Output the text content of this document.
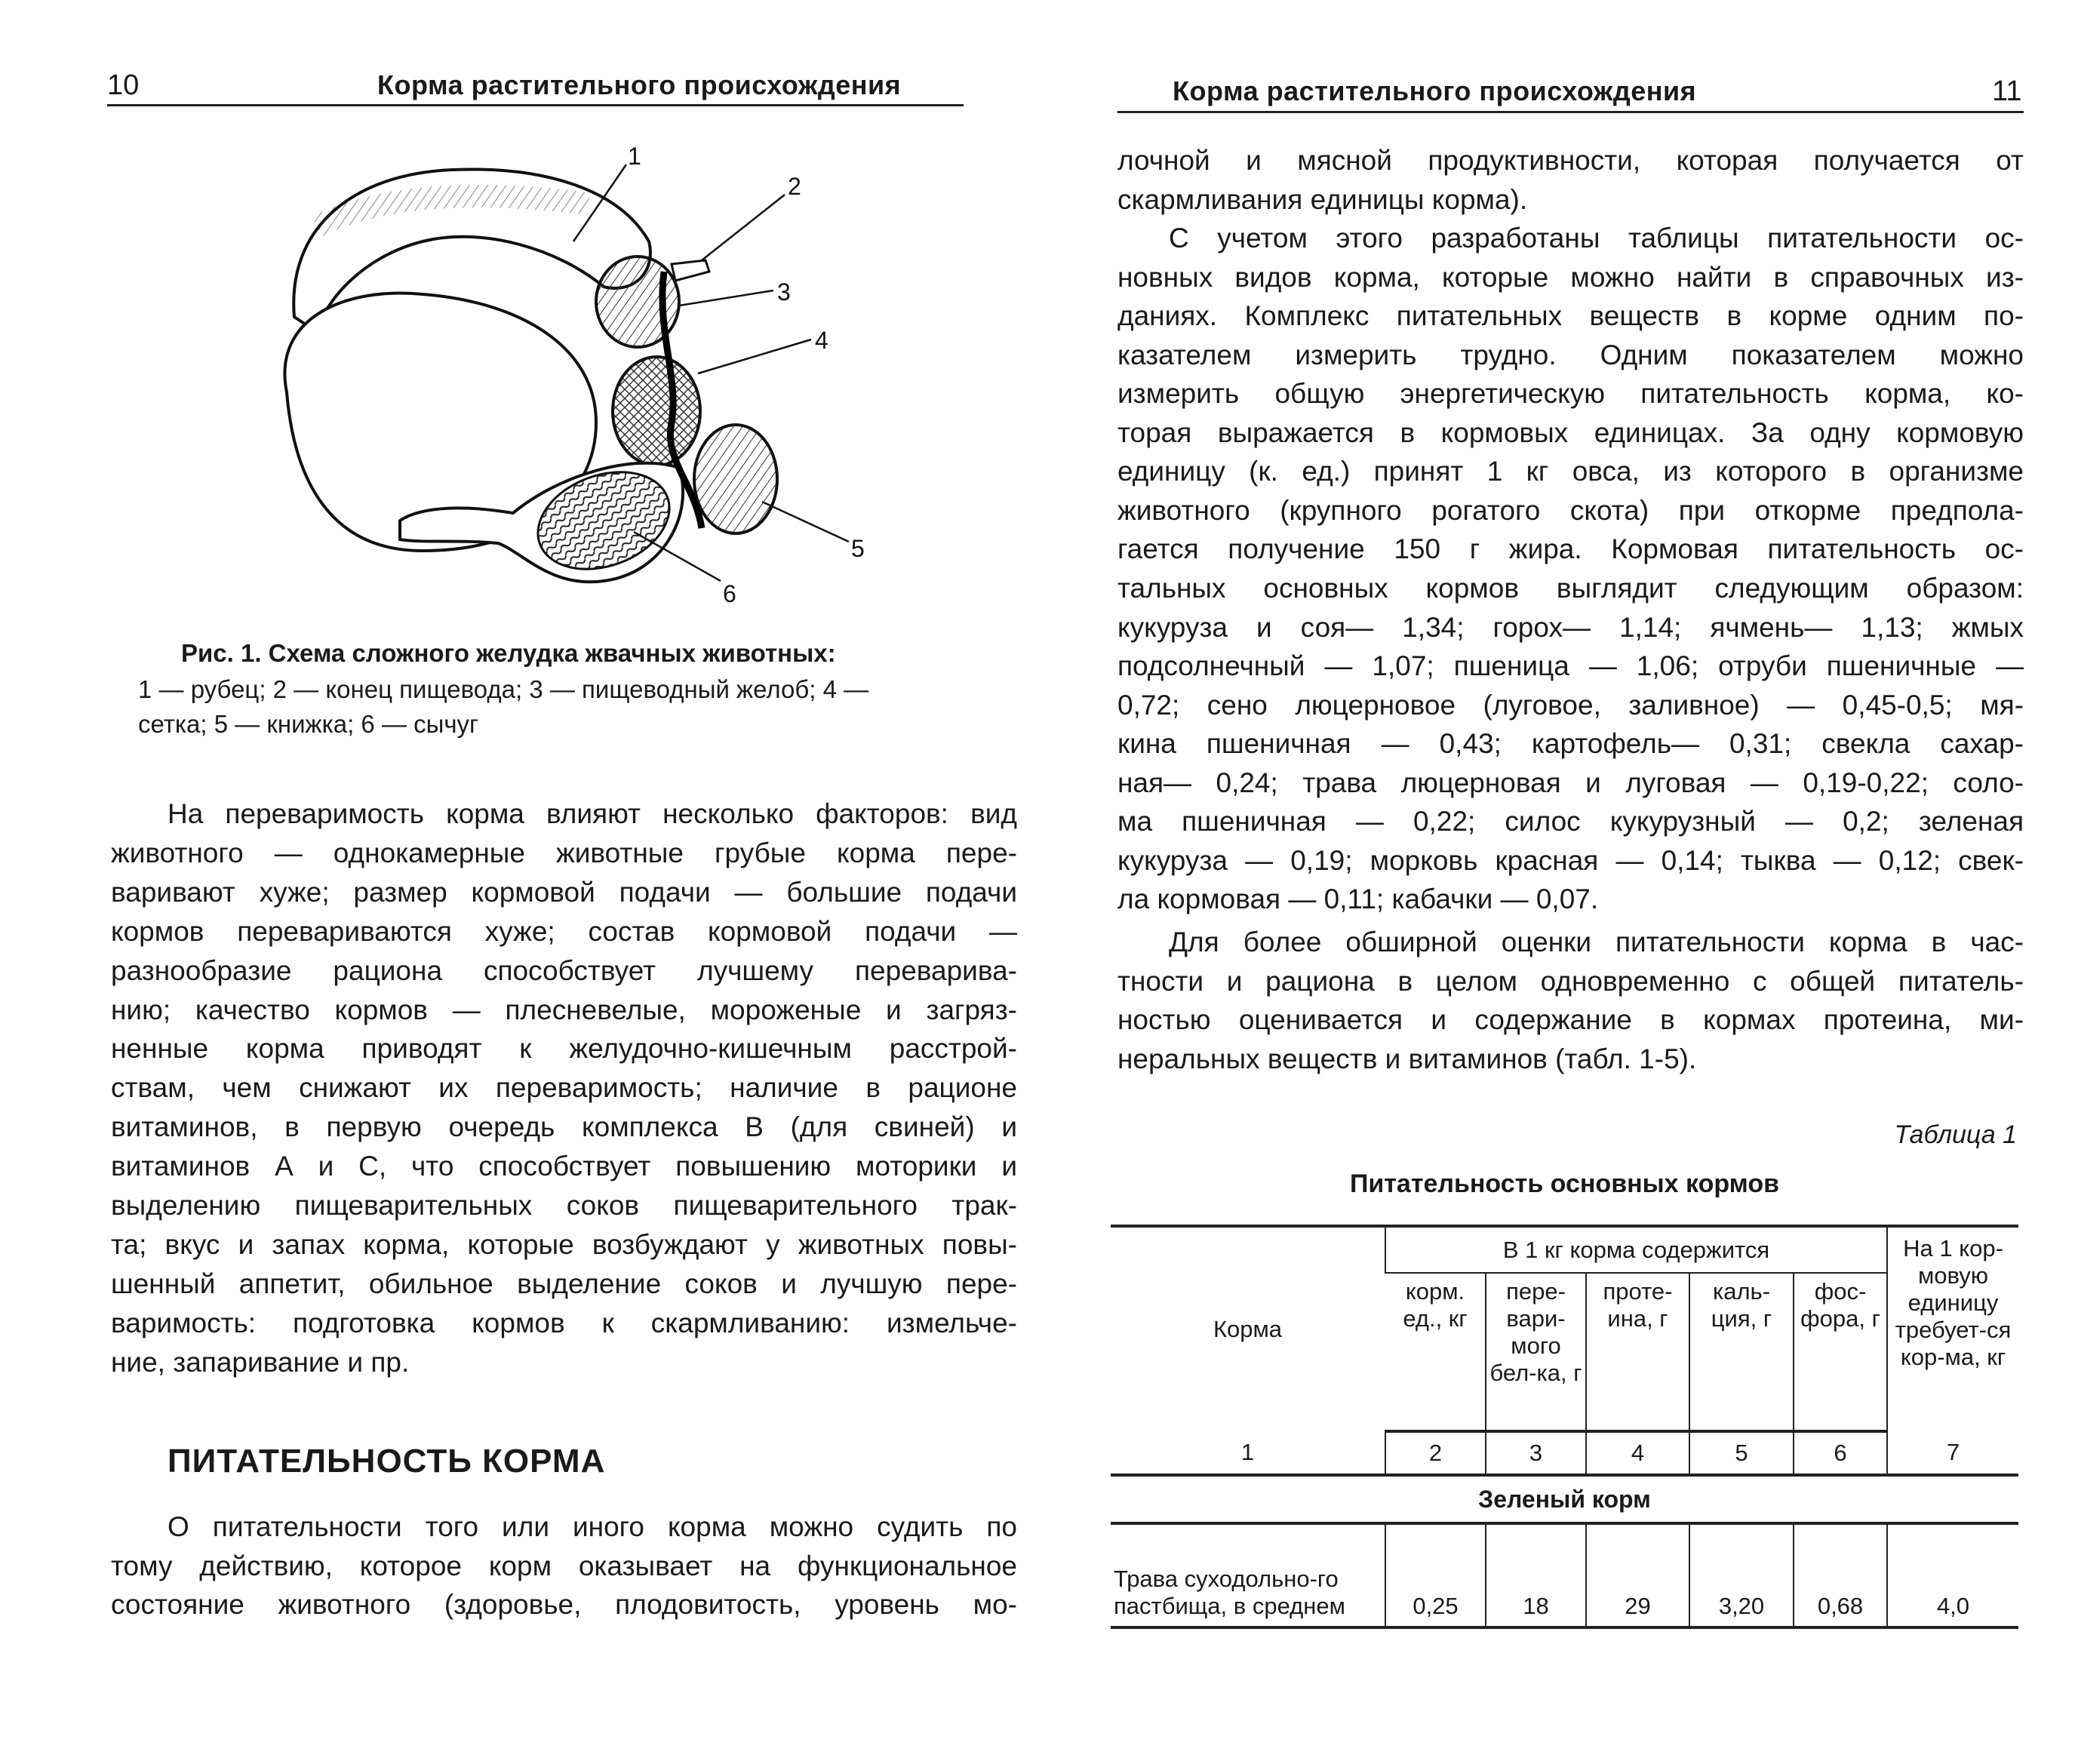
10	Корма растительного происхождения
1
2
3
4
5
6
Рис. 1. Схема сложного желудка жвачных животных:
1 — рубец; 2 — конец пищевода; 3 — пищеводный желоб; 4 —
сетка; 5 — книжка; 6 — сычуг
На переваримость корма влияют несколько факторов: вид
животного — однокамерные животные грубые корма пере-
варивают хуже; размер кормовой подачи — большие подачи
кормов перевариваются хуже; состав кормовой подачи —
разнообразие рациона способствует лучшему переварива-
нию; качество кормов — плесневелые, мороженые и загряз-
ненные корма приводят к желудочно-кишечным расстрой-
ствам, чем снижают их переваримость; наличие в рационе
витаминов, в первую очередь комплекса В (для свиней) и
витаминов А и С, что способствует повышению моторики и
выделению пищеварительных соков пищеварительного трак-
та; вкус и запах корма, которые возбуждают у животных повы-
шенный аппетит, обильное выделение соков и лучшую пере-
варимость: подготовка кормов к скармливанию: измельче-
ние, запаривание и пр.
ПИТАТЕЛЬНОСТЬ КОРМА
О питательности того или иного корма можно судить по
тому действию, которое корм оказывает на функциональное
состояние животного (здоровье, плодовитость, уровень мо-
Корма растительного происхождения	11
лочной и мясной продуктивности, которая получается от
скармливания единицы корма).
С учетом этого разработаны таблицы питательности ос-
новных видов корма, которые можно найти в справочных из-
даниях. Комплекс питательных веществ в корме одним по-
казателем измерить трудно. Одним показателем можно
измерить общую энергетическую питательность корма, ко-
торая выражается в кормовых единицах. За одну кормовую
единицу (к. ед.) принят 1 кг овса, из которого в организме
животного (крупного рогатого скота) при откорме предпола-
гается получение 150 г жира. Кормовая питательность ос-
тальных основных кормов выглядит следующим образом:
кукуруза и соя— 1,34; горох— 1,14; ячмень— 1,13; жмых
подсолнечный — 1,07; пшеница — 1,06; отруби пшеничные —
0,72; сено люцерновое (луговое, заливное) — 0,45-0,5; мя-
кина пшеничная — 0,43; картофель— 0,31; свекла сахар-
ная— 0,24; трава люцерновая и луговая — 0,19-0,22; соло-
ма пшеничная — 0,22; силос кукурузный — 0,2; зеленая
кукуруза — 0,19; морковь красная — 0,14; тыква — 0,12; свек-
ла кормовая — 0,11; кабачки — 0,07.
Для более обширной оценки питательности корма в час-
тности и рациона в целом одновременно с общей питатель-
ностью оценивается и содержание в кормах протеина, ми-
неральных веществ и витаминов (табл. 1-5).
Таблица 1
Питательность основных кормов
Корма	В 1 кг корма содержится					На 1 кор-мовую единицу требует-ся кор-ма, кг
	корм. ед., кг	пере-вари-мого бел-ка, г	проте-ина, г	каль-ция, г	фос-фора, г	
1	2	3	4	5	6	7
Зеленый корм						
Трава суходольно-го пастбища, в среднем	0,25	18	29	3,20	0,68	4,0
